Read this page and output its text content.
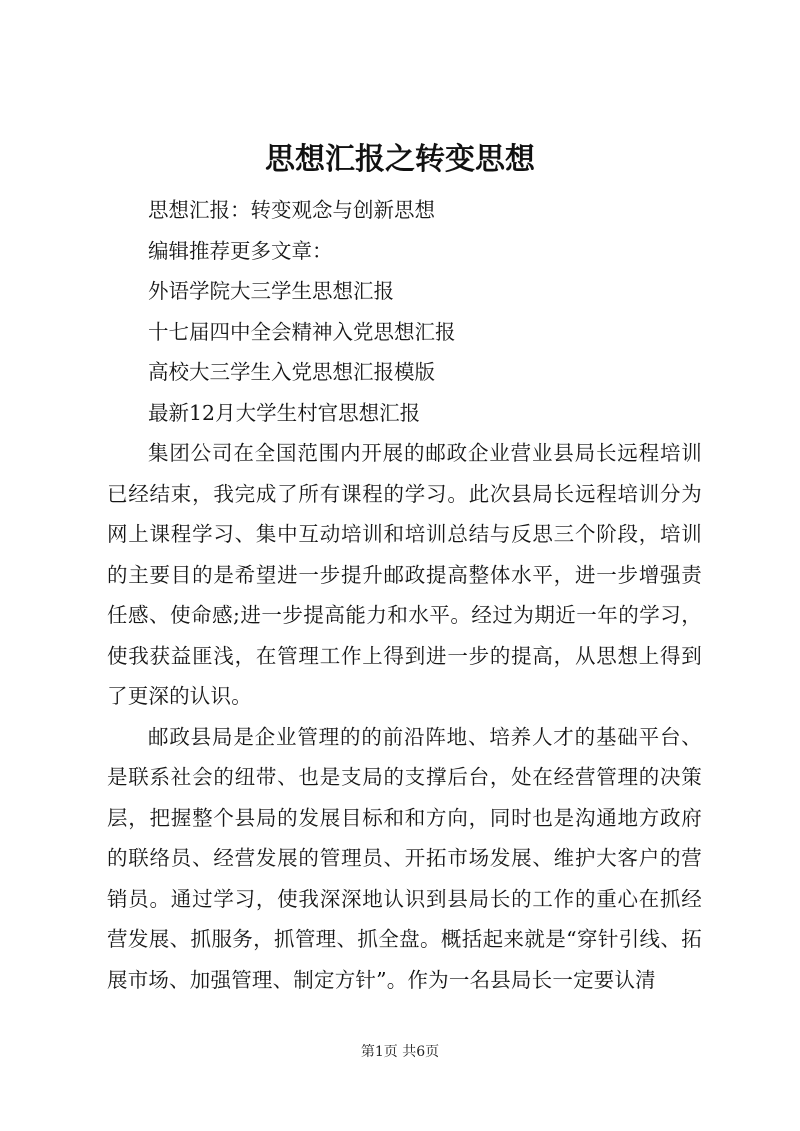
思想汇报之转变思想

思想汇报：转变观念与创新思想

编辑推荐更多文章：

外语学院大三学生思想汇报

十七届四中全会精神入党思想汇报

高校大三学生入党思想汇报模版

最新12月大学生村官思想汇报

集团公司在全国范围内开展的邮政企业营业县局长远程培训已经结束，我完成了所有课程的学习。此次县局长远程培训分为网上课程学习、集中互动培训和培训总结与反思三个阶段，培训的主要目的是希望进一步提升邮政提高整体水平，进一步增强责任感、使命感;进一步提高能力和水平。经过为期近一年的学习，使我获益匪浅，在管理工作上得到进一步的提高，从思想上得到了更深的认识。

邮政县局是企业管理的的前沿阵地、培养人才的基础平台、是联系社会的纽带、也是支局的支撑后台，处在经营管理的决策层，把握整个县局的发展目标和和方向，同时也是沟通地方政府的联络员、经营发展的管理员、开拓市场发展、维护大客户的营销员。通过学习，使我深深地认识到县局长的工作的重心在抓经营发展、抓服务，抓管理、抓全盘。概括起来就是“穿针引线、拓展市场、加强管理、制定方针”。作为一名县局长一定要认清

第1页 共6页
